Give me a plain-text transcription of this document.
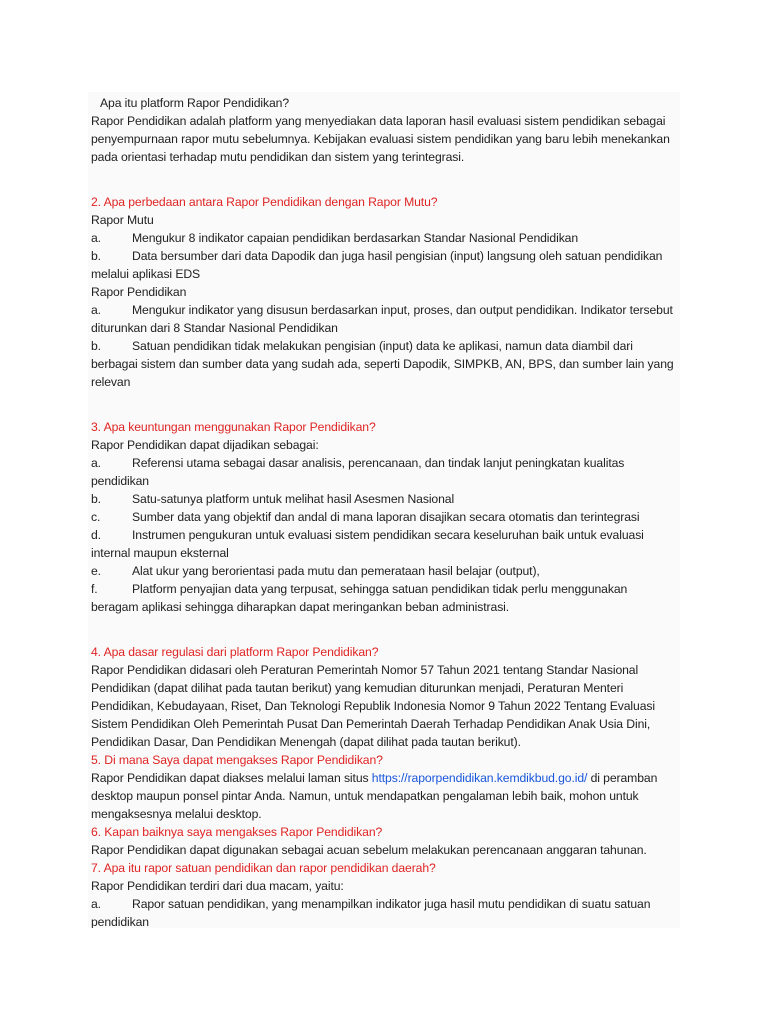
Apa itu platform Rapor Pendidikan?

Rapor Pendidikan adalah platform yang menyediakan data laporan hasil evaluasi sistem pendidikan sebagai penyempurnaan rapor mutu sebelumnya. Kebijakan evaluasi sistem pendidikan yang baru lebih menekankan pada orientasi terhadap mutu pendidikan dan sistem yang terintegrasi.

2. Apa perbedaan antara Rapor Pendidikan dengan Rapor Mutu?

Rapor Mutu

a.	Mengukur 8 indikator capaian pendidikan berdasarkan Standar Nasional Pendidikan

b.	Data bersumber dari data Dapodik dan juga hasil pengisian (input) langsung oleh satuan pendidikan melalui aplikasi EDS

Rapor Pendidikan

a.	Mengukur indikator yang disusun berdasarkan input, proses, dan output pendidikan. Indikator tersebut diturunkan dari 8 Standar Nasional Pendidikan

b.	Satuan pendidikan tidak melakukan pengisian (input) data ke aplikasi, namun data diambil dari berbagai sistem dan sumber data yang sudah ada, seperti Dapodik, SIMPKB, AN, BPS, dan sumber lain yang relevan

3. Apa keuntungan menggunakan Rapor Pendidikan?

Rapor Pendidikan dapat dijadikan sebagai:

a.	Referensi utama sebagai dasar analisis, perencanaan, dan tindak lanjut peningkatan kualitas pendidikan

b.	Satu-satunya platform untuk melihat hasil Asesmen Nasional

c.	Sumber data yang objektif dan andal di mana laporan disajikan secara otomatis dan terintegrasi

d.	Instrumen pengukuran untuk evaluasi sistem pendidikan secara keseluruhan baik untuk evaluasi internal maupun eksternal

e.	Alat ukur yang berorientasi pada mutu dan pemerataan hasil belajar (output),

f.	Platform penyajian data yang terpusat, sehingga satuan pendidikan tidak perlu menggunakan beragam aplikasi sehingga diharapkan dapat meringankan beban administrasi.

4. Apa dasar regulasi dari platform Rapor Pendidikan?

Rapor Pendidikan didasari oleh Peraturan Pemerintah Nomor 57 Tahun 2021 tentang Standar Nasional Pendidikan (dapat dilihat pada tautan berikut) yang kemudian diturunkan menjadi, Peraturan Menteri Pendidikan, Kebudayaan, Riset, Dan Teknologi Republik Indonesia Nomor 9 Tahun 2022 Tentang Evaluasi Sistem Pendidikan Oleh Pemerintah Pusat Dan Pemerintah Daerah Terhadap Pendidikan Anak Usia Dini, Pendidikan Dasar, Dan Pendidikan Menengah (dapat dilihat pada tautan berikut).

5. Di mana Saya dapat mengakses Rapor Pendidikan?

Rapor Pendidikan dapat diakses melalui laman situs https://raporpendidikan.kemdikbud.go.id/ di peramban desktop maupun ponsel pintar Anda. Namun, untuk mendapatkan pengalaman lebih baik, mohon untuk mengaksesnya melalui desktop.

6. Kapan baiknya saya mengakses Rapor Pendidikan?

Rapor Pendidikan dapat digunakan sebagai acuan sebelum melakukan perencanaan anggaran tahunan.

7. Apa itu rapor satuan pendidikan dan rapor pendidikan daerah?

Rapor Pendidikan terdiri dari dua macam, yaitu:

a.	Rapor satuan pendidikan, yang menampilkan indikator juga hasil mutu pendidikan di suatu satuan pendidikan
